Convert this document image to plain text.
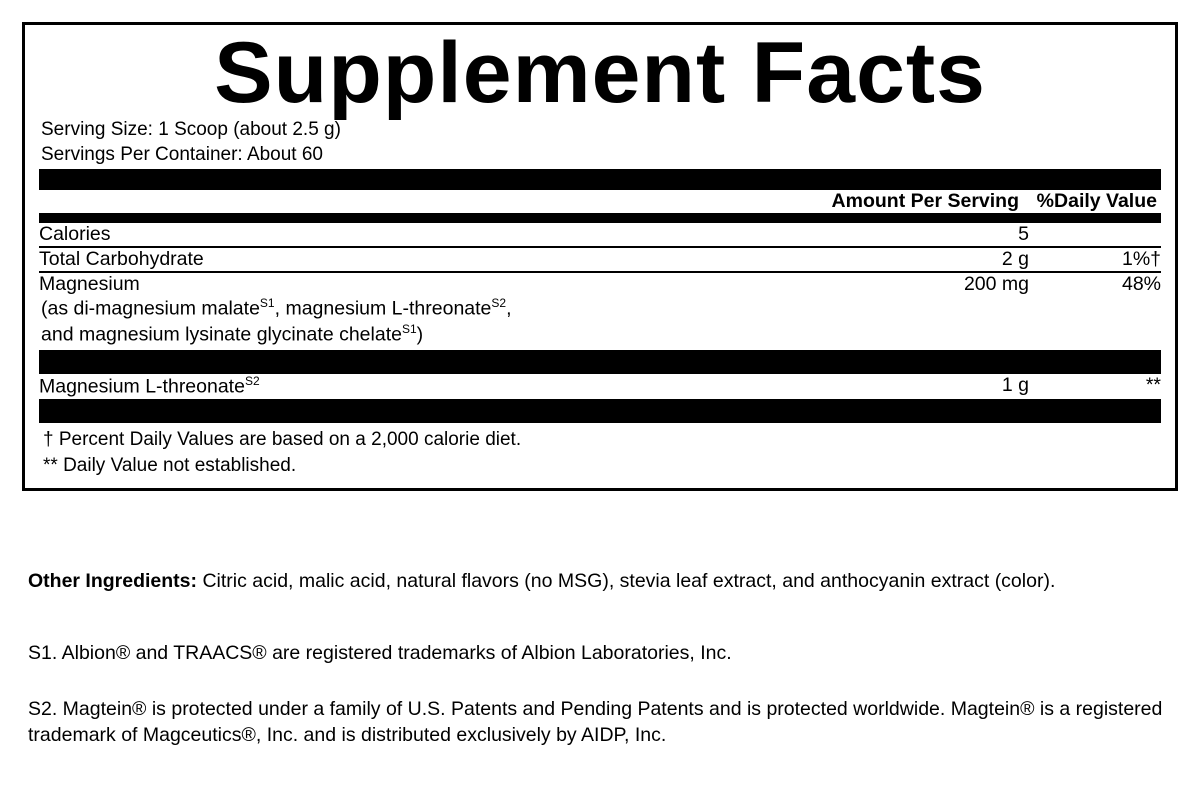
Supplement Facts
Serving Size: 1 Scoop (about 2.5 g)
Servings Per Container: About 60
	Amount Per Serving	%Daily Value
Calories	5	
Total Carbohydrate	2 g	1%†
Magnesium	200 mg	48%
(as di-magnesium malate$^{S1}$, magnesium L-threonate$^{S2}$,
and magnesium lysinate glycinate chelate$^{S1}$)
Magnesium L-threonate$^{S2}$	1 g	**
† Percent Daily Values are based on a 2,000 calorie diet.
** Daily Value not established.
Other Ingredients: Citric acid, malic acid, natural flavors (no MSG), stevia leaf extract, and anthocyanin extract (color).
S1. Albion® and TRAACS® are registered trademarks of Albion Laboratories, Inc.
S2. Magtein® is protected under a family of U.S. Patents and Pending Patents and is protected worldwide. Magtein® is a registered trademark of Magceutics®, Inc. and is distributed exclusively by AIDP, Inc.
